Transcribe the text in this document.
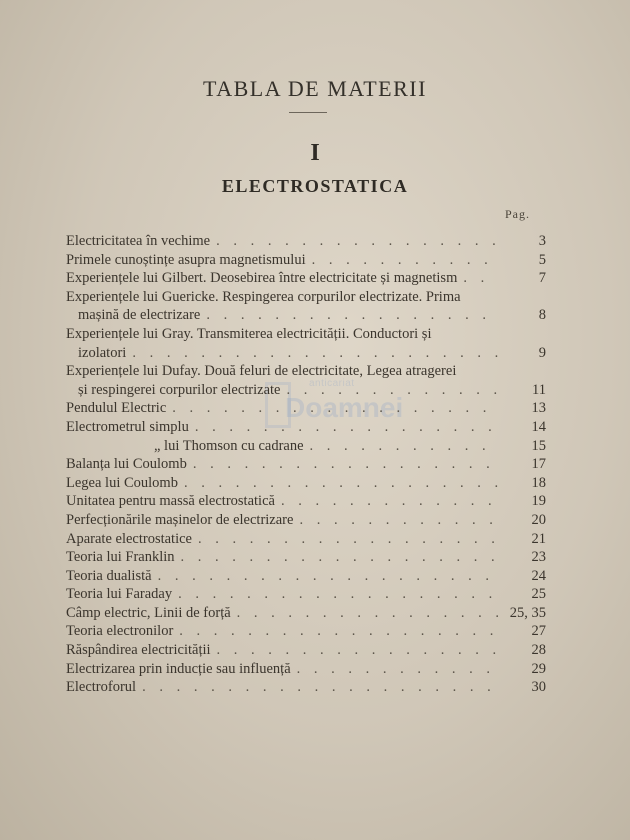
TABLA DE MATERII
I
ELECTROSTATICA
Pag.
anticariat
Doamnei
Electricitatea în vechime . . .	3
Primele cunoștințe asupra magnetismului . . .	5
Experiențele lui Gilbert. Deosebirea între electricitate și magnetism . . .	7
Experiențele lui Guericke. Respingerea corpurilor electrizate. Prima
mașină de electrizare . . .	8
Experiențele lui Gray. Transmiterea electricității. Conductori și
izolatori . . .	9
Experiențele lui Dufay. Două feluri de electricitate, Legea atragerei
și respingerei corpurilor electrizate . . .	11
Pendulul Electric . . .	13
Electrometrul simplu . . .	14
„ lui Thomson cu cadrane . . .	15
Balanța lui Coulomb . . .	17
Legea lui Coulomb . . .	18
Unitatea pentru massă electrostatică . . .	19
Perfecționările mașinelor de electrizare . . .	20
Aparate electrostatice . . .	21
Teoria lui Franklin . . .	23
Teoria dualistă . . .	24
Teoria lui Faraday . . .	25
Câmp electric, Linii de forță . . .	25, 35
Teoria electronilor . . .	27
Răspândirea electricității . . .	28
Electrizarea prin inducție sau influență . . .	29
Electroforul . . .	30
